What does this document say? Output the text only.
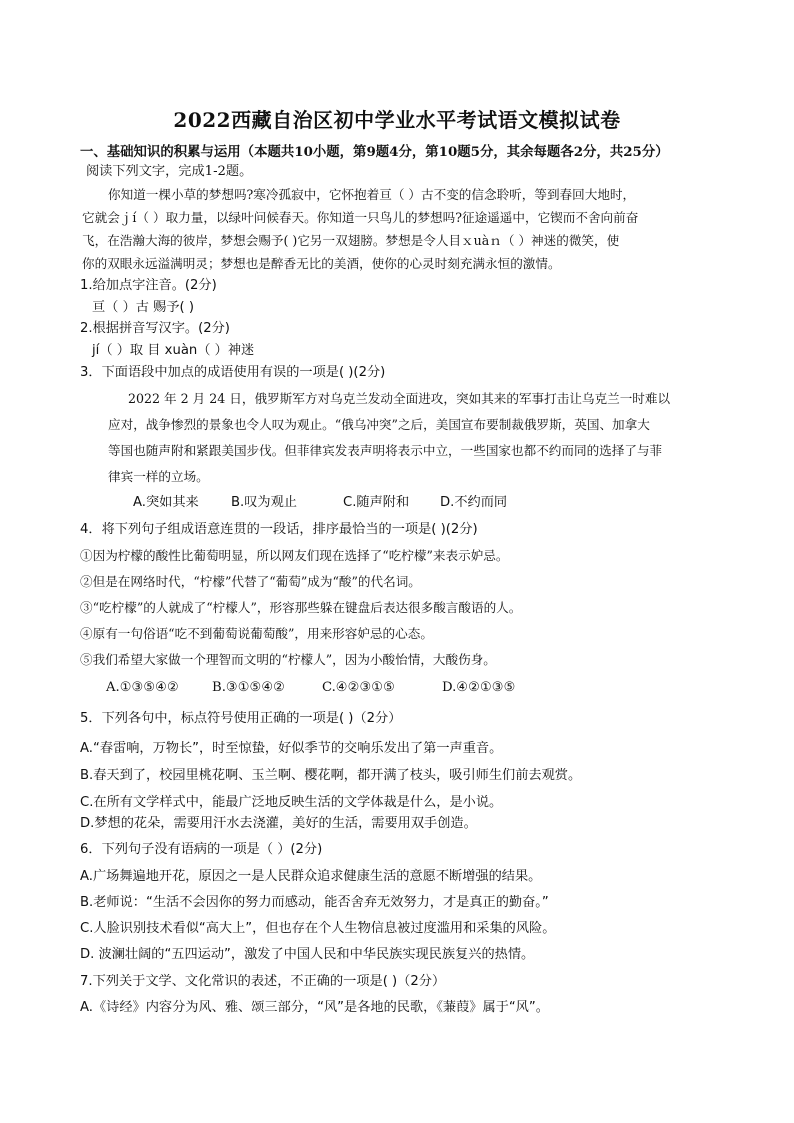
2022西藏自治区初中学业水平考试语文模拟试卷
一、基础知识的积累与运用（本题共10小题，第9题4分，第10题5分，其余每题各2分，共25分）
阅读下列文字，完成1-2题。
你知道一棵小草的梦想吗?寒冷孤寂中，它怀抱着亘（ ）古不变的信念聆听，等到春回大地时，
它就会ｊí（ ）取力量，以绿叶问候春天。你知道一只鸟儿的梦想吗?征途遥遥中，它锲而不舍向前奋
飞，在浩瀚大海的彼岸，梦想会赐予( )它另一双翅膀。梦想是令人目ｘuàｎ（ ）神迷的微笑，使
你的双眼永远溢满明灵；梦想也是醉香无比的美酒，使你的心灵时刻充满永恒的激情。
1.给加点字注音。(2分)
亘（ ）古 赐予( )
2.根据拼音写汉字。(2分)
jí（ ）取 目 xuàn（ ）神迷
3．下面语段中加点的成语使用有误的一项是( )(2分)
2022 年 2 月 24 日，俄罗斯军方对乌克兰发动全面进攻，突如其来的军事打击让乌克兰一时难以
应对，战争惨烈的景象也令人叹为观止。“俄乌冲突”之后，美国宣布要制裁俄罗斯，英国、加拿大
等国也随声附和紧跟美国步伐。但菲律宾发表声明将表示中立，一些国家也都不约而同的选择了与菲
律宾一样的立场。
A.突如其来 B.叹为观止	C.随声附和 D.不约而同
4．将下列句子组成语意连贯的一段话，排序最恰当的一项是( )(2分)
①因为柠檬的酸性比葡萄明显，所以网友们现在选择了“吃柠檬”来表示妒忌。
②但是在网络时代，“柠檬”代替了“葡萄”成为“酸”的代名词。
③“吃柠檬”的人就成了“柠檬人”，形容那些躲在键盘后表达很多酸言酸语的人。
④原有一句俗语“吃不到葡萄说葡萄酸”，用来形容妒忌的心态。
⑤我们希望大家做一个理智而文明的“柠檬人”，因为小酸怡情，大酸伤身。
A.①③⑤④②	B.③①⑤④②	C.④②③①⑤	D.④②①③⑤
5．下列各句中，标点符号使用正确的一项是( )（2分）
A.“春雷响，万物长”，时至惊蛰，好似季节的交响乐发出了第一声重音。
B.春天到了，校园里桃花啊、玉兰啊、樱花啊，都开满了枝头，吸引师生们前去观赏。
C.在所有文学样式中，能最广泛地反映生活的文学体裁是什么，是小说。
D.梦想的花朵，需要用汗水去浇灌，美好的生活，需要用双手创造。
6．下列句子没有语病的一项是（ ）(2分)
A.广场舞遍地开花，原因之一是人民群众追求健康生活的意愿不断增强的结果。
B.老师说：“生活不会因你的努力而感动，能否舍弃无效努力，才是真正的勤奋。”
C.人脸识别技术看似“高大上”，但也存在个人生物信息被过度滥用和采集的风险。
D. 波澜壮阔的“五四运动”，激发了中国人民和中华民族实现民族复兴的热情。
7.下列关于文学、文化常识的表述，不正确的一项是( )（2分）
A.《诗经》内容分为风、雅、颂三部分，“风”是各地的民歌，《蒹葭》属于“风”。
